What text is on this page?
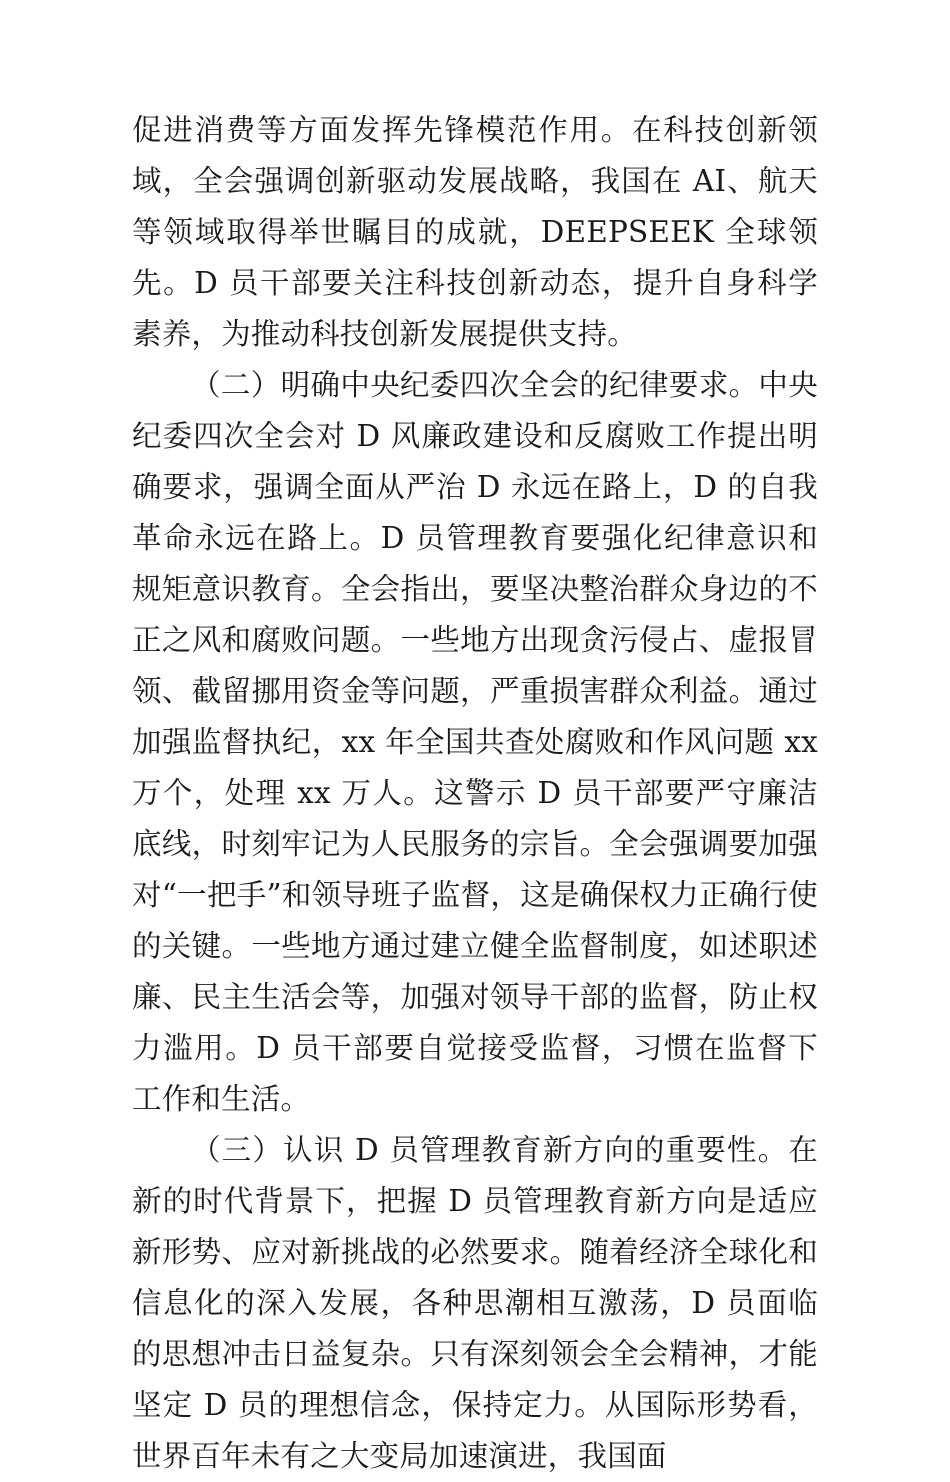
促进消费等方面发挥先锋模范作用。在科技创新领域，全会强调创新驱动发展战略，我国在 AI、航天等领域取得举世瞩目的成就，DEEPSEEK 全球领先。D 员干部要关注科技创新动态，提升自身科学素养，为推动科技创新发展提供支持。

（二）明确中央纪委四次全会的纪律要求。中央纪委四次全会对 D 风廉政建设和反腐败工作提出明确要求，强调全面从严治 D 永远在路上，D 的自我革命永远在路上。D 员管理教育要强化纪律意识和规矩意识教育。全会指出，要坚决整治群众身边的不正之风和腐败问题。一些地方出现贪污侵占、虚报冒领、截留挪用资金等问题，严重损害群众利益。通过加强监督执纪，xx 年全国共查处腐败和作风问题 xx 万个，处理 xx 万人。这警示 D 员干部要严守廉洁底线，时刻牢记为人民服务的宗旨。全会强调要加强对“一把手”和领导班子监督，这是确保权力正确行使的关键。一些地方通过建立健全监督制度，如述职述廉、民主生活会等，加强对领导干部的监督，防止权力滥用。D 员干部要自觉接受监督，习惯在监督下工作和生活。

（三）认识 D 员管理教育新方向的重要性。在新的时代背景下，把握 D 员管理教育新方向是适应新形势、应对新挑战的必然要求。随着经济全球化和信息化的深入发展，各种思潮相互激荡，D 员面临的思想冲击日益复杂。只有深刻领会全会精神，才能坚定 D 员的理想信念，保持定力。从国际形势看，世界百年未有之大变局加速演进，我国面
